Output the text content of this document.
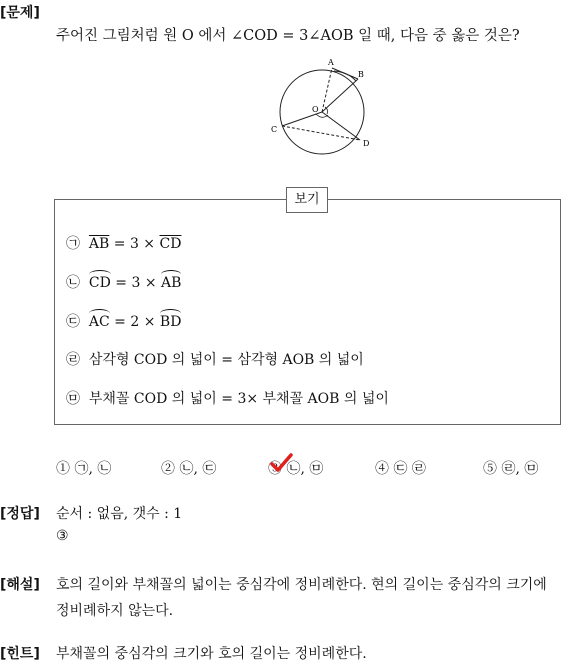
[문제]
주어진 그림처럼 원 O 에서 ∠COD = 3∠AOB 일 때, 다음 중 옳은 것은?
A
B
C
D
O
보기
㉠ $\overline{AB} = 3 \times \overline{CD}$
㉡ CD = 3 × AB
㉢ AC = 2 × BD
㉣ 삼각형 COD 의 넓이 = 삼각형 AOB 의 넓이
㉤ 부채꼴 COD 의 넓이 = 3× 부채꼴 AOB 의 넓이
① ㉠, ㉡	② ㉡, ㉢	③ ㉡, ㉤	④ ㉢ ㉣	⑤ ㉣, ㉤
[정답] 순서 : 없음, 갯수 : 1
③
[해설] 호의 길이와 부채꼴의 넓이는 중심각에 정비례한다. 현의 길이는 중심각의 크기에
정비례하지 않는다.
[힌트] 부채꼴의 중심각의 크기와 호의 길이는 정비례한다.
